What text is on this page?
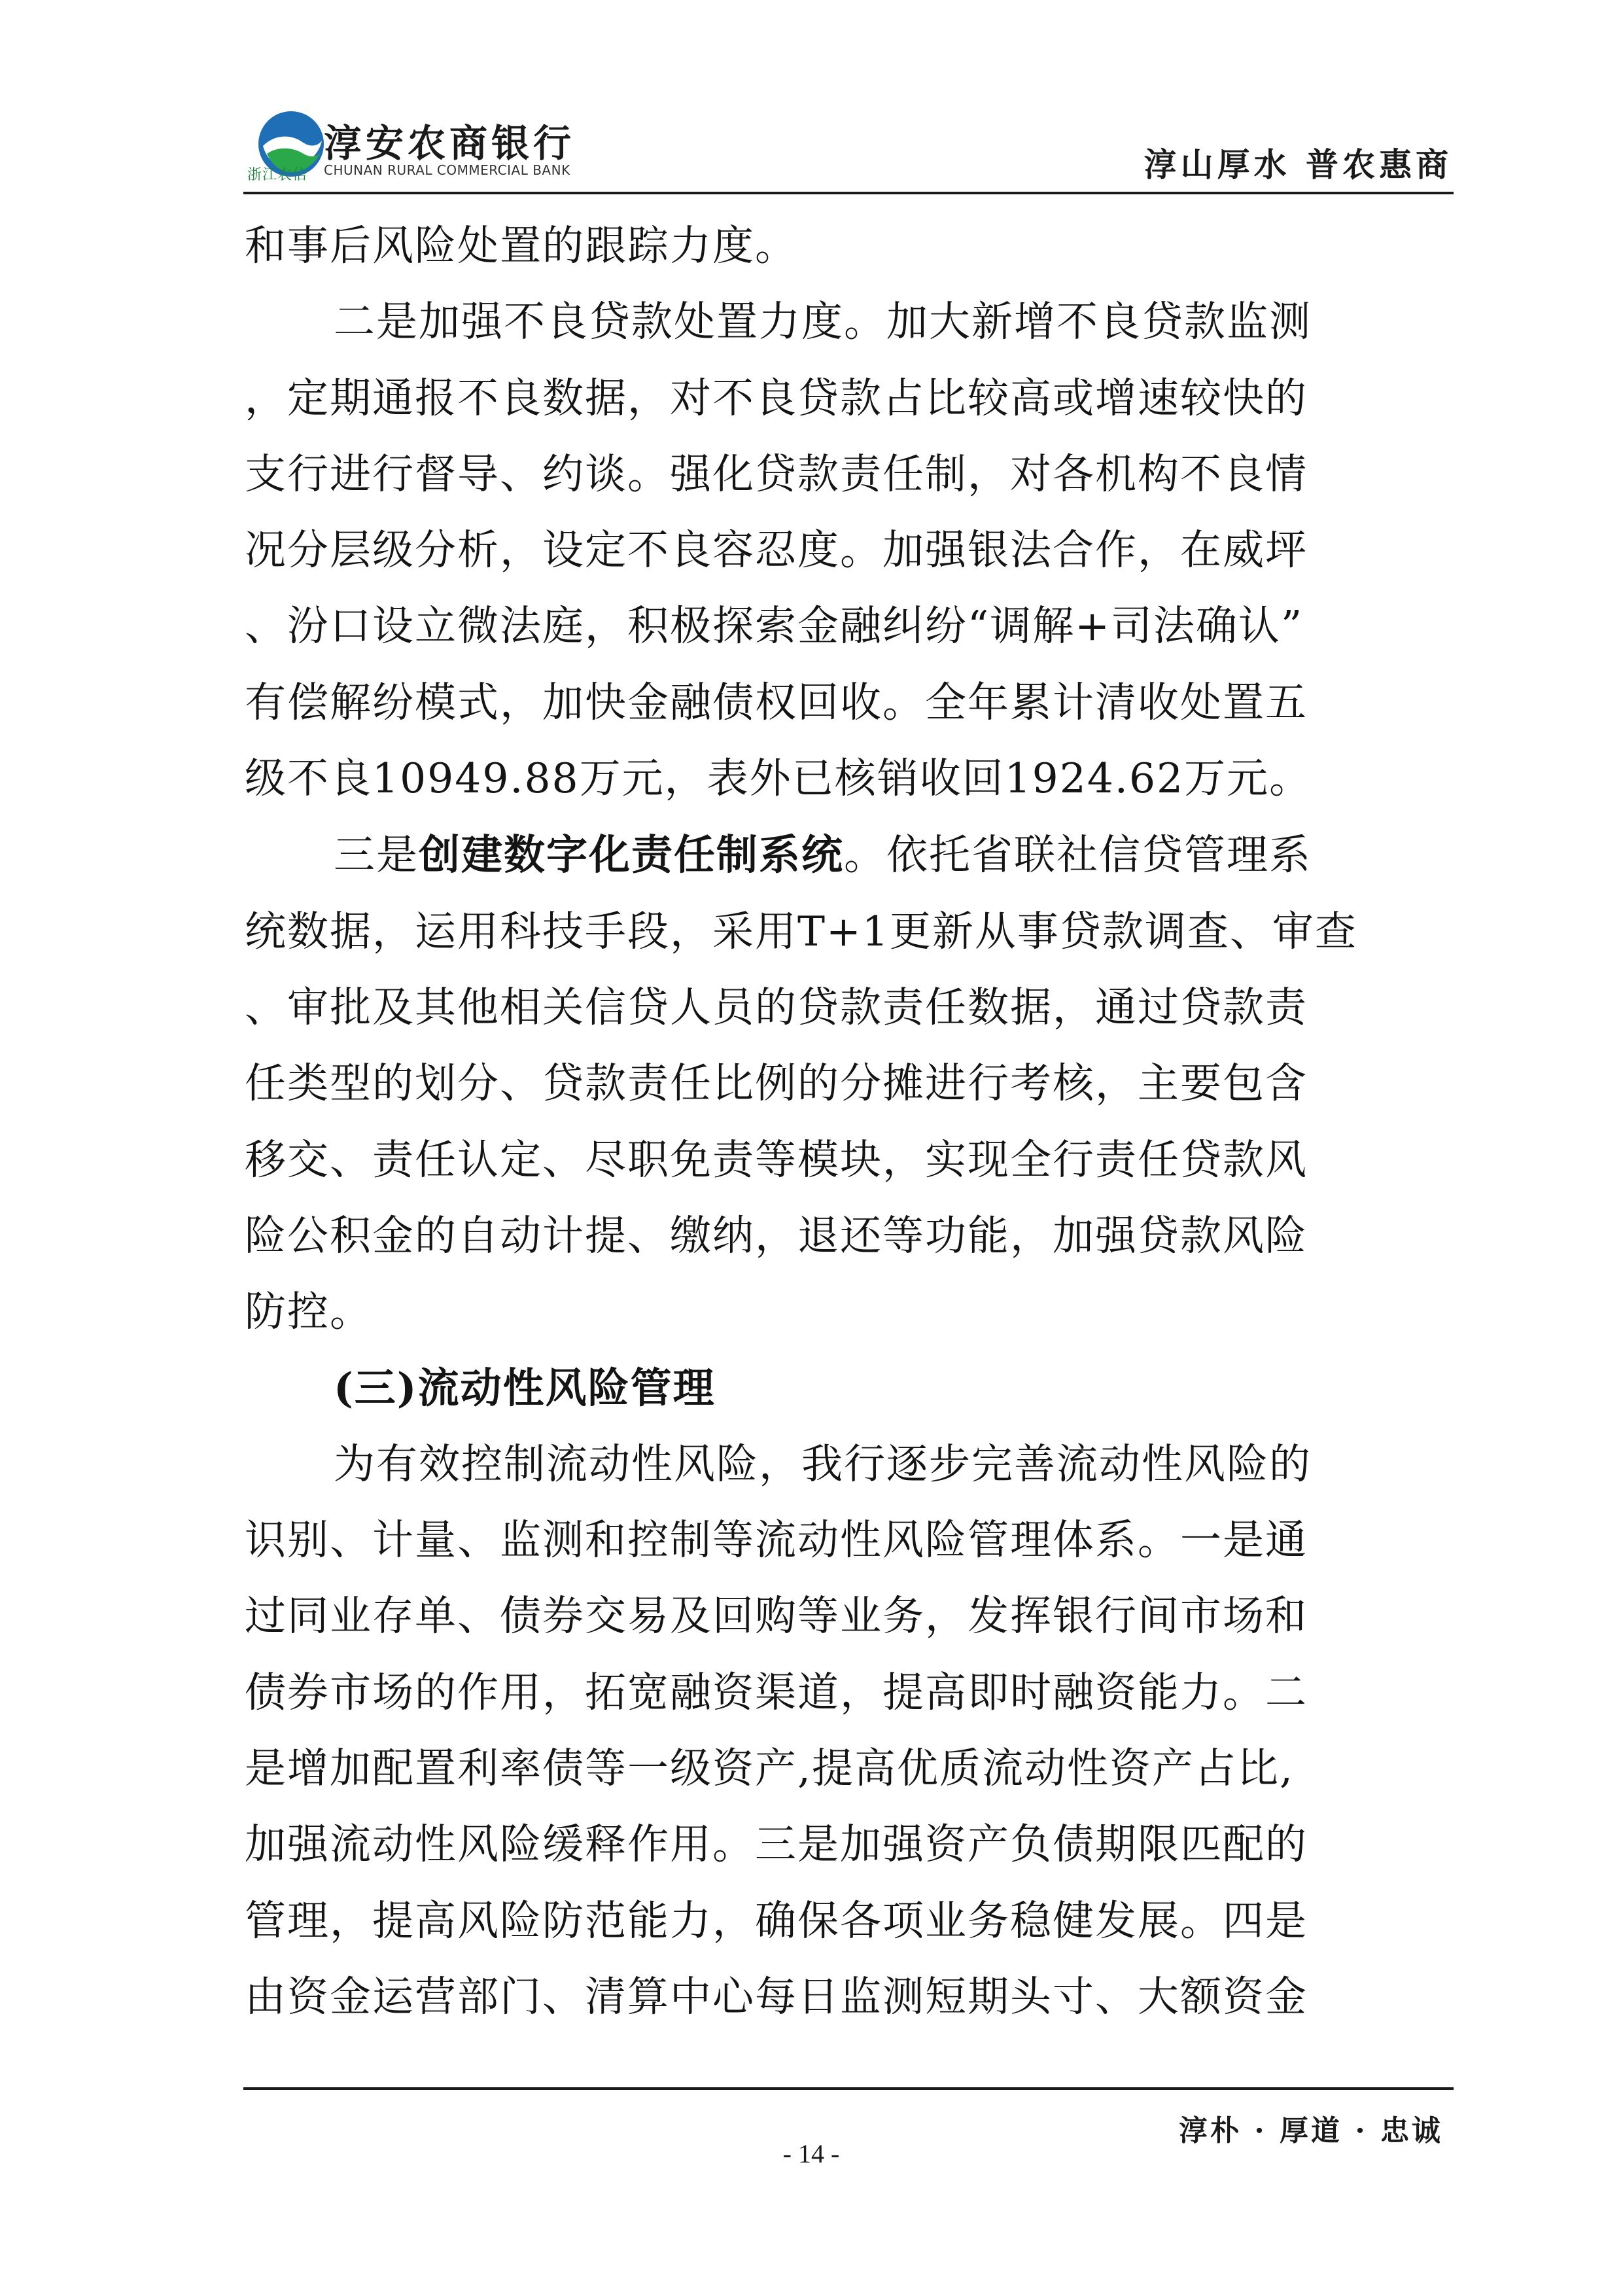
浙江农信
淳安农商银行
CHUNAN RURAL COMMERCIAL BANK	淳山厚水 普农惠商

和事后风险处置的跟踪力度。

二是加强不良贷款处置力度。加大新增不良贷款监测
，定期通报不良数据，对不良贷款占比较高或增速较快的
支行进行督导、约谈。强化贷款责任制，对各机构不良情
况分层级分析，设定不良容忍度。加强银法合作，在威坪
、汾口设立微法庭，积极探索金融纠纷“调解+司法确认”
有偿解纷模式，加快金融债权回收。全年累计清收处置五
级不良10949.88万元，表外已核销收回1924.62万元。

三是创建数字化责任制系统。依托省联社信贷管理系
统数据，运用科技手段，采用T+1更新从事贷款调查、审查
、审批及其他相关信贷人员的贷款责任数据，通过贷款责
任类型的划分、贷款责任比例的分摊进行考核，主要包含
移交、责任认定、尽职免责等模块，实现全行责任贷款风
险公积金的自动计提、缴纳，退还等功能，加强贷款风险
防控。

(三)流动性风险管理

为有效控制流动性风险，我行逐步完善流动性风险的
识别、计量、监测和控制等流动性风险管理体系。一是通
过同业存单、债券交易及回购等业务，发挥银行间市场和
债券市场的作用，拓宽融资渠道，提高即时融资能力。二
是增加配置利率债等一级资产,提高优质流动性资产占比,
加强流动性风险缓释作用。三是加强资产负债期限匹配的
管理，提高风险防范能力，确保各项业务稳健发展。四是
由资金运营部门、清算中心每日监测短期头寸、大额资金

淳朴 · 厚道 · 忠诚
- 14 -
